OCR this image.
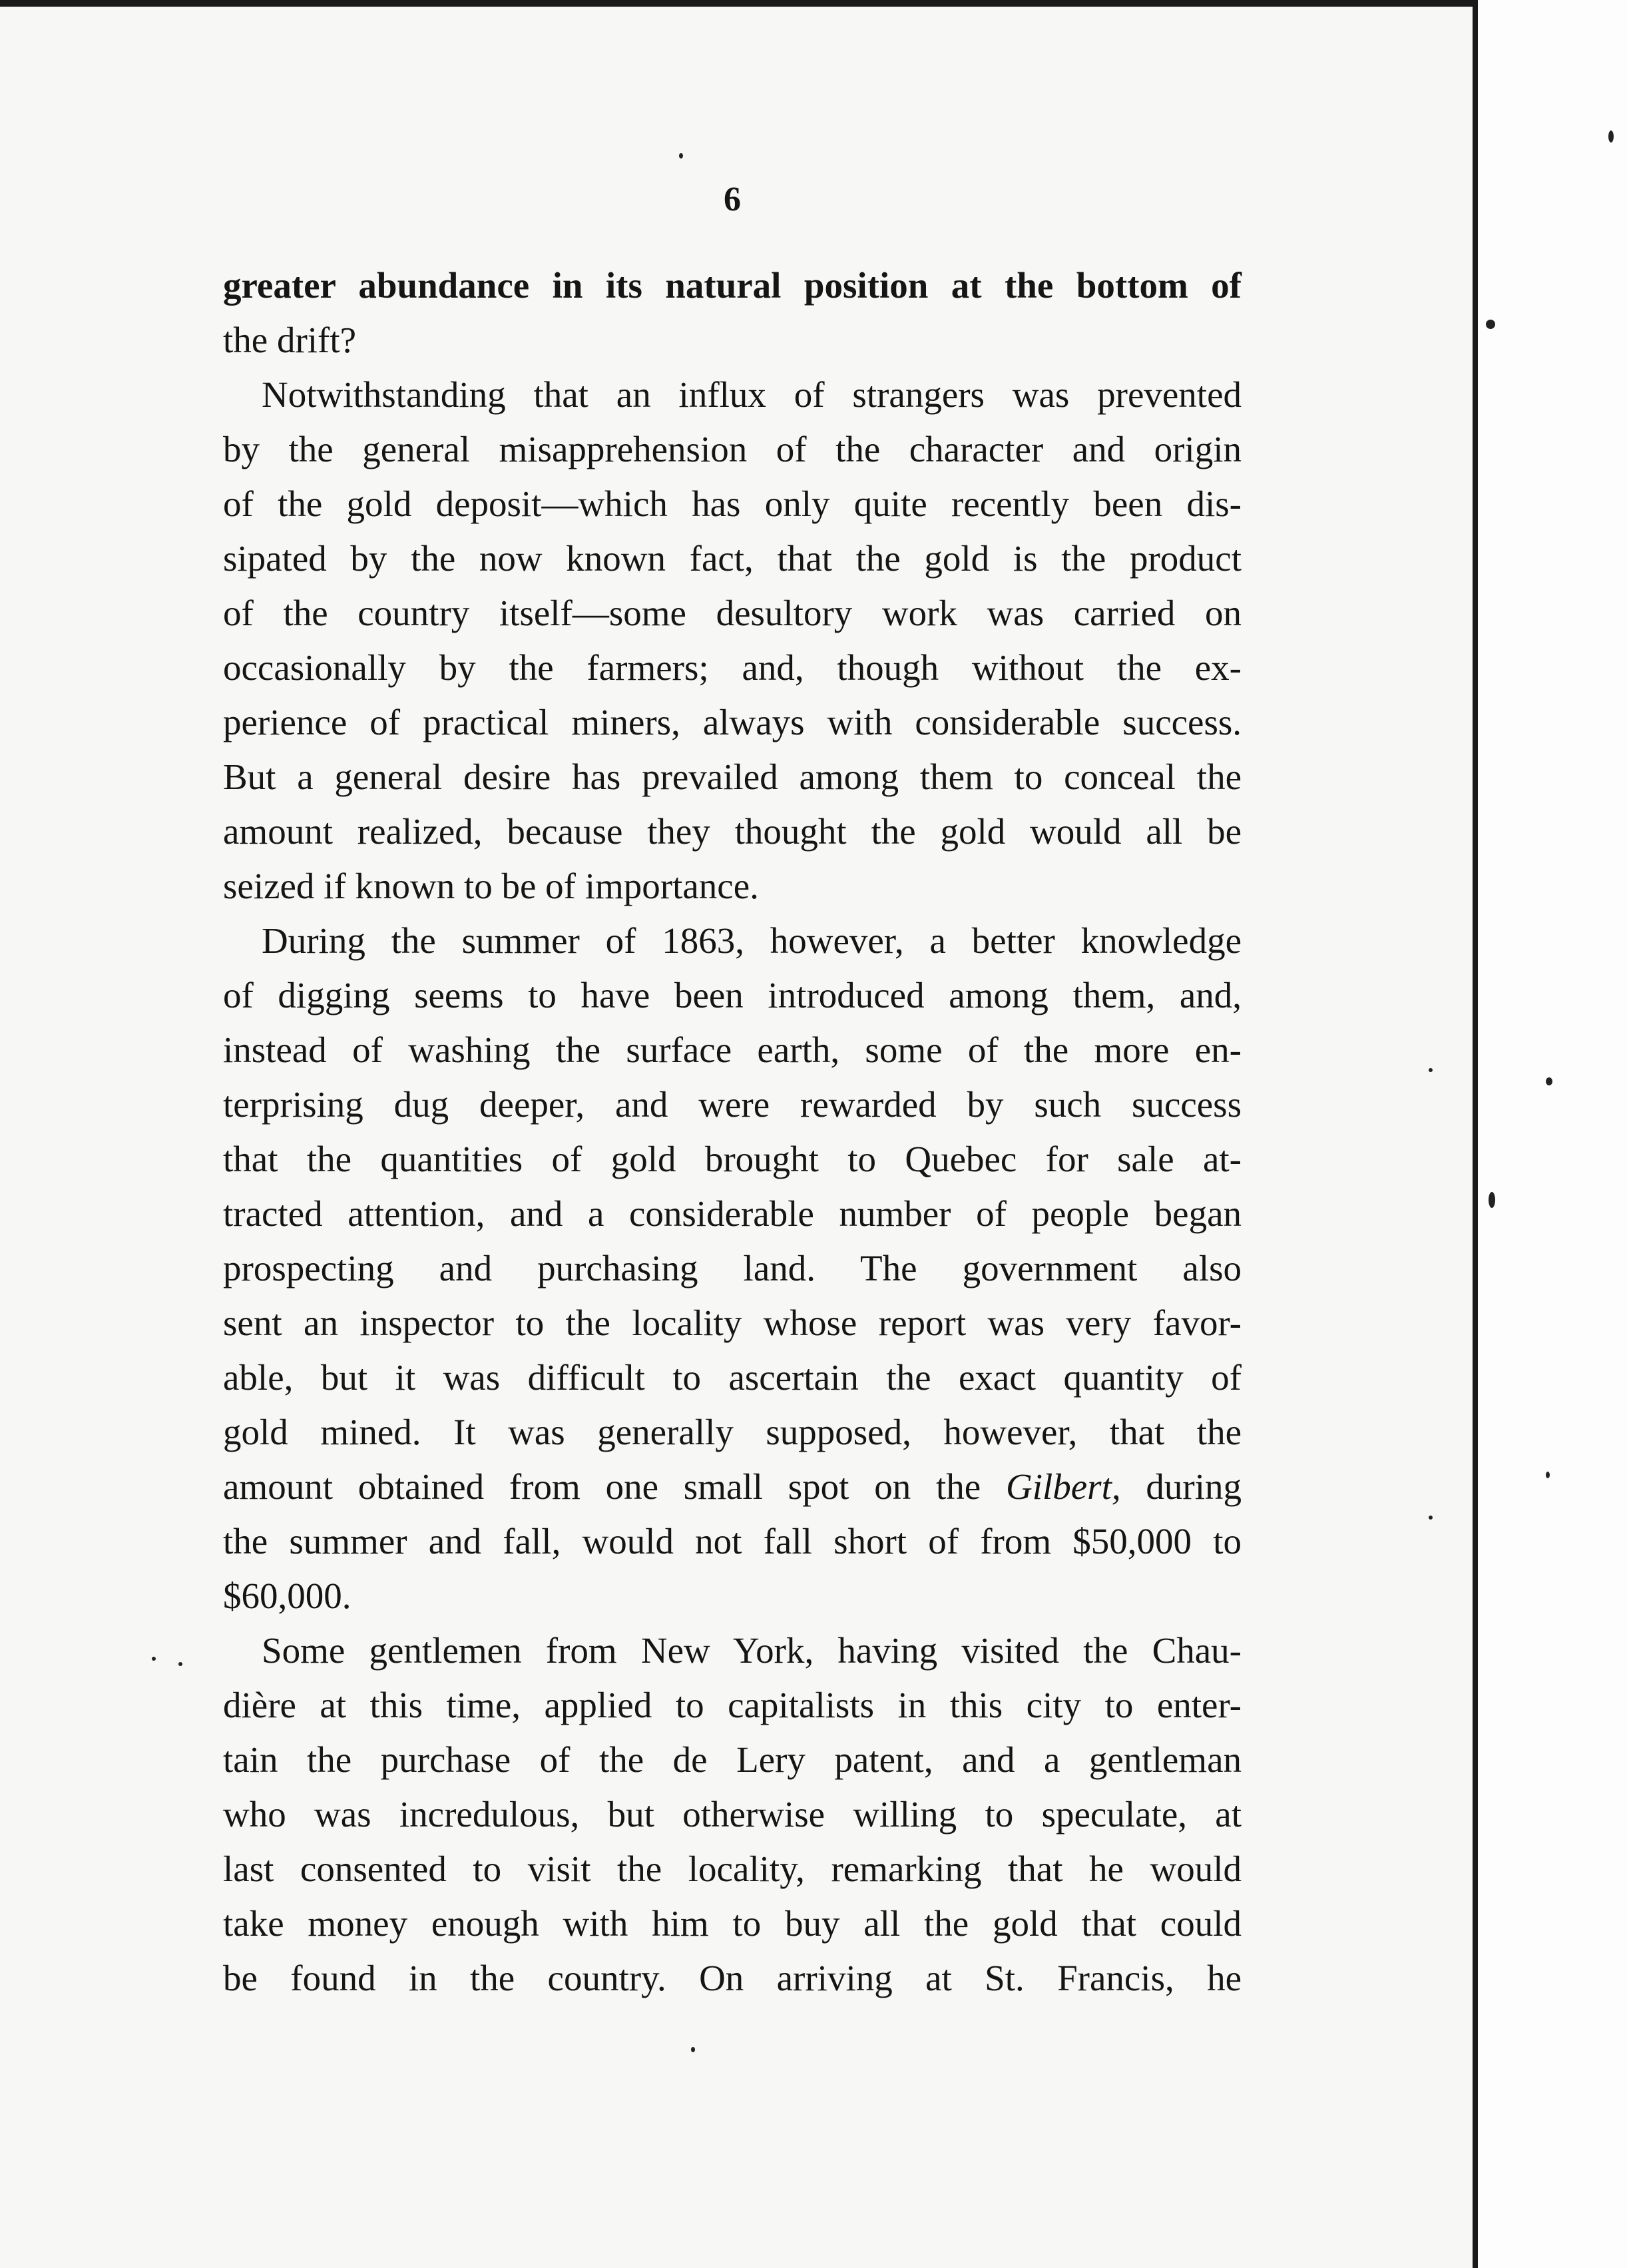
6
greater abundance in its natural position at the bottom of
the drift?
Notwithstanding that an influx of strangers was prevented
by the general misapprehension of the character and origin
of the gold deposit—which has only quite recently been dis-
sipated by the now known fact, that the gold is the product
of the country itself—some desultory work was carried on
occasionally by the farmers; and, though without the ex-
perience of practical miners, always with considerable success.
But a general desire has prevailed among them to conceal the
amount realized, because they thought the gold would all be
seized if known to be of importance.
During the summer of 1863, however, a better knowledge
of digging seems to have been introduced among them, and,
instead of washing the surface earth, some of the more en-
terprising dug deeper, and were rewarded by such success
that the quantities of gold brought to Quebec for sale at-
tracted attention, and a considerable number of people began
prospecting and purchasing land. The government also
sent an inspector to the locality whose report was very favor-
able, but it was difficult to ascertain the exact quantity of
gold mined. It was generally supposed, however, that the
amount obtained from one small spot on the Gilbert, during
the summer and fall, would not fall short of from $50,000 to
$60,000.
Some gentlemen from New York, having visited the Chau-
dière at this time, applied to capitalists in this city to enter-
tain the purchase of the de Lery patent, and a gentleman
who was incredulous, but otherwise willing to speculate, at
last consented to visit the locality, remarking that he would
take money enough with him to buy all the gold that could
be found in the country. On arriving at St. Francis, he
